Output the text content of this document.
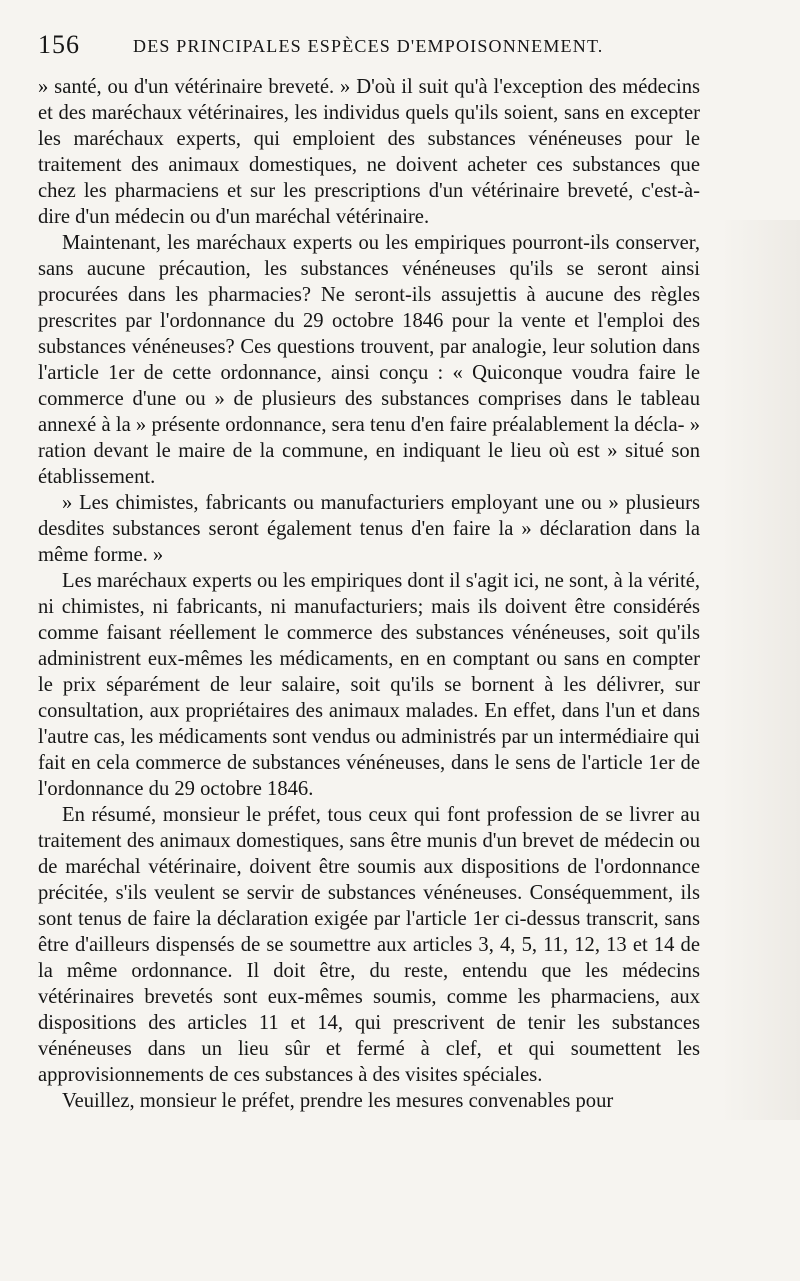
156	DES PRINCIPALES ESPÈCES D'EMPOISONNEMENT.

» santé, ou d'un vétérinaire breveté. » D'où il suit qu'à l'exception des médecins et des maréchaux vétérinaires, les individus quels qu'ils soient, sans en excepter les maréchaux experts, qui emploient des substances vénéneuses pour le traitement des animaux domestiques, ne doivent acheter ces substances que chez les pharmaciens et sur les prescriptions d'un vétérinaire breveté, c'est-à-dire d'un médecin ou d'un maréchal vétérinaire.

Maintenant, les maréchaux experts ou les empiriques pourront-ils conserver, sans aucune précaution, les substances vénéneuses qu'ils se seront ainsi procurées dans les pharmacies? Ne seront-ils assujettis à aucune des règles prescrites par l'ordonnance du 29 octobre 1846 pour la vente et l'emploi des substances vénéneuses? Ces questions trouvent, par analogie, leur solution dans l'article 1er de cette ordonnance, ainsi conçu : « Quiconque voudra faire le commerce d'une ou » de plusieurs des substances comprises dans le tableau annexé à la » présente ordonnance, sera tenu d'en faire préalablement la décla- » ration devant le maire de la commune, en indiquant le lieu où est » situé son établissement.

» Les chimistes, fabricants ou manufacturiers employant une ou » plusieurs desdites substances seront également tenus d'en faire la » déclaration dans la même forme. »

Les maréchaux experts ou les empiriques dont il s'agit ici, ne sont, à la vérité, ni chimistes, ni fabricants, ni manufacturiers; mais ils doivent être considérés comme faisant réellement le commerce des substances vénéneuses, soit qu'ils administrent eux-mêmes les médicaments, en en comptant ou sans en compter le prix séparément de leur salaire, soit qu'ils se bornent à les délivrer, sur consultation, aux propriétaires des animaux malades. En effet, dans l'un et dans l'autre cas, les médicaments sont vendus ou administrés par un intermédiaire qui fait en cela commerce de substances vénéneuses, dans le sens de l'article 1er de l'ordonnance du 29 octobre 1846.

En résumé, monsieur le préfet, tous ceux qui font profession de se livrer au traitement des animaux domestiques, sans être munis d'un brevet de médecin ou de maréchal vétérinaire, doivent être soumis aux dispositions de l'ordonnance précitée, s'ils veulent se servir de substances vénéneuses. Conséquemment, ils sont tenus de faire la déclaration exigée par l'article 1er ci-dessus transcrit, sans être d'ailleurs dispensés de se soumettre aux articles 3, 4, 5, 11, 12, 13 et 14 de la même ordonnance. Il doit être, du reste, entendu que les médecins vétérinaires brevetés sont eux-mêmes soumis, comme les pharmaciens, aux dispositions des articles 11 et 14, qui prescrivent de tenir les substances vénéneuses dans un lieu sûr et fermé à clef, et qui soumettent les approvisionnements de ces substances à des visites spéciales.

Veuillez, monsieur le préfet, prendre les mesures convenables pour
